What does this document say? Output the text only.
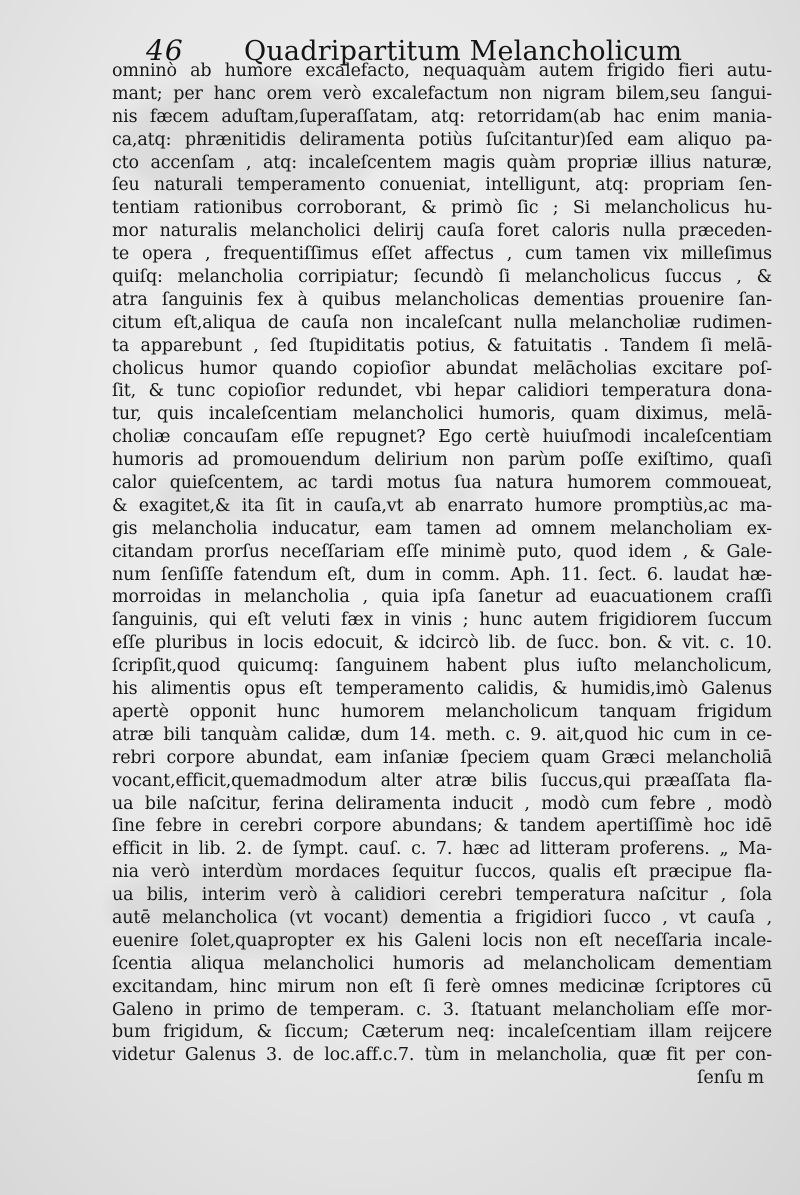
46 Quadripartitum Melancholicum
omninò ab humore excalefacto, nequaquàm autem frigido fieri autu-
mant; per hanc orem verò excalefactum non nigram bilem,seu ſangui-
nis fæcem aduſtam,ſuperaſſatam, atq: retorridam(ab hac enim mania-
ca,atq: phrænitidis deliramenta potiùs ſuſcitantur)ſed eam aliquo pa-
cto accenſam , atq: incaleſcentem magis quàm propriæ illius naturæ,
ſeu naturali temperamento conueniat, intelligunt, atq: propriam ſen-
tentiam rationibus corroborant, & primò ſic ; Si melancholicus hu-
mor naturalis melancholici delirij cauſa foret caloris nulla præceden-
te opera , frequentiſſimus eſſet affectus , cum tamen vix milleſimus
quiſq: melancholia corripiatur; ſecundò ſi melancholicus ſuccus , &
atra ſanguinis fex à quibus melancholicas dementias prouenire ſan-
citum eſt,aliqua de cauſa non incaleſcant nulla melancholiæ rudimen-
ta apparebunt , ſed ſtupiditatis potius, & fatuitatis . Tandem ſi melā-
cholicus humor quando copioſior abundat melācholias excitare poſ-
ſit, & tunc copioſior redundet, vbi hepar calidiori temperatura dona-
tur, quis incaleſcentiam melancholici humoris, quam diximus, melā-
choliæ concauſam eſſe repugnet? Ego certè huiuſmodi incaleſcentiam
humoris ad promouendum delirium non parùm poſſe exiſtimo, quaſi
calor quieſcentem, ac tardi motus ſua natura humorem commoueat,
& exagitet,& ita ſit in cauſa,vt ab enarrato humore promptiùs,ac ma-
gis melancholia inducatur, eam tamen ad omnem melancholiam ex-
citandam prorſus neceſſariam eſſe minimè puto, quod idem , & Gale-
num ſenſiſſe fatendum eſt, dum in comm. Aph. 11. ſect. 6. laudat hæ-
morroidas in melancholia , quia ipſa ſanetur ad euacuationem craſſi
ſanguinis, qui eſt veluti fæx in vinis ; hunc autem frigidiorem ſuccum
eſſe pluribus in locis edocuit, & idcircò lib. de ſucc. bon. & vit. c. 10.
ſcripſit,quod quicumq: ſanguinem habent plus iuſto melancholicum,
his alimentis opus eſt temperamento calidis, & humidis,imò Galenus
apertè opponit hunc humorem melancholicum tanquam frigidum
atræ bili tanquàm calidæ, dum 14. meth. c. 9. ait,quod hic cum in ce-
rebri corpore abundat, eam inſaniæ ſpeciem quam Græci melancholiā
vocant,efficit,quemadmodum alter atræ bilis ſuccus,qui præaſſata fla-
ua bile naſcitur, ferina deliramenta inducit , modò cum febre , modò
ſine febre in cerebri corpore abundans; & tandem apertiſſimè hoc idē
efficit in lib. 2. de ſympt. cauſ. c. 7. hæc ad litteram proferens. „ Ma-
nia verò interdùm mordaces ſequitur ſuccos, qualis eſt præcipue fla-
ua bilis, interim verò à calidiori cerebri temperatura naſcitur , ſola
autē melancholica (vt vocant) dementia a frigidiori ſucco , vt cauſa ,
euenire ſolet,quapropter ex his Galeni locis non eſt neceſſaria incale-
ſcentia aliqua melancholici humoris ad melancholicam dementiam
excitandam, hinc mirum non eſt ſi ferè omnes medicinæ ſcriptores cū
Galeno in primo de temperam. c. 3. ſtatuant melancholiam eſſe mor-
bum frigidum, & ſiccum; Cæterum neq: incaleſcentiam illam reijcere
videtur Galenus 3. de loc.aff.c.7. tùm in melancholia, quæ fit per con-
ſenſu m
